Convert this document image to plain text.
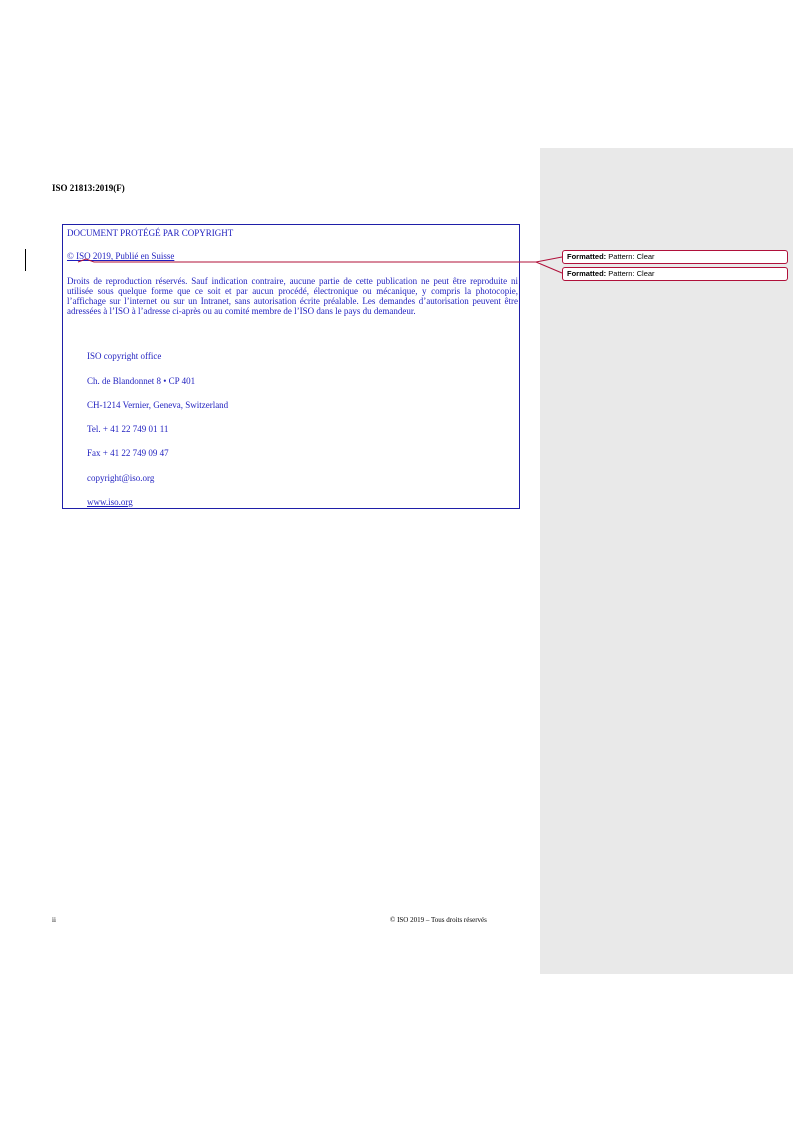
ISO 21813:2019(F)
DOCUMENT PROTÉGÉ PAR COPYRIGHT
© ISO 2019, Publié en Suisse

Droits de reproduction réservés. Sauf indication contraire, aucune partie de cette publication ne peut être reproduite ni utilisée sous quelque forme que ce soit et par aucun procédé, électronique ou mécanique, y compris la photocopie, l’affichage sur l’internet ou sur un Intranet, sans autorisation écrite préalable. Les demandes d’autorisation peuvent être adressées à l’ISO à l’adresse ci-après ou au comité membre de l’ISO dans le pays du demandeur.

ISO copyright office
Ch. de Blandonnet 8 • CP 401
CH-1214 Vernier, Geneva, Switzerland
Tel. + 41 22 749 01 11
Fax + 41 22 749 09 47
copyright@iso.org
www.iso.org
Formatted: Pattern: Clear
Formatted: Pattern: Clear
ii	© ISO 2019 – Tous droits réservés
